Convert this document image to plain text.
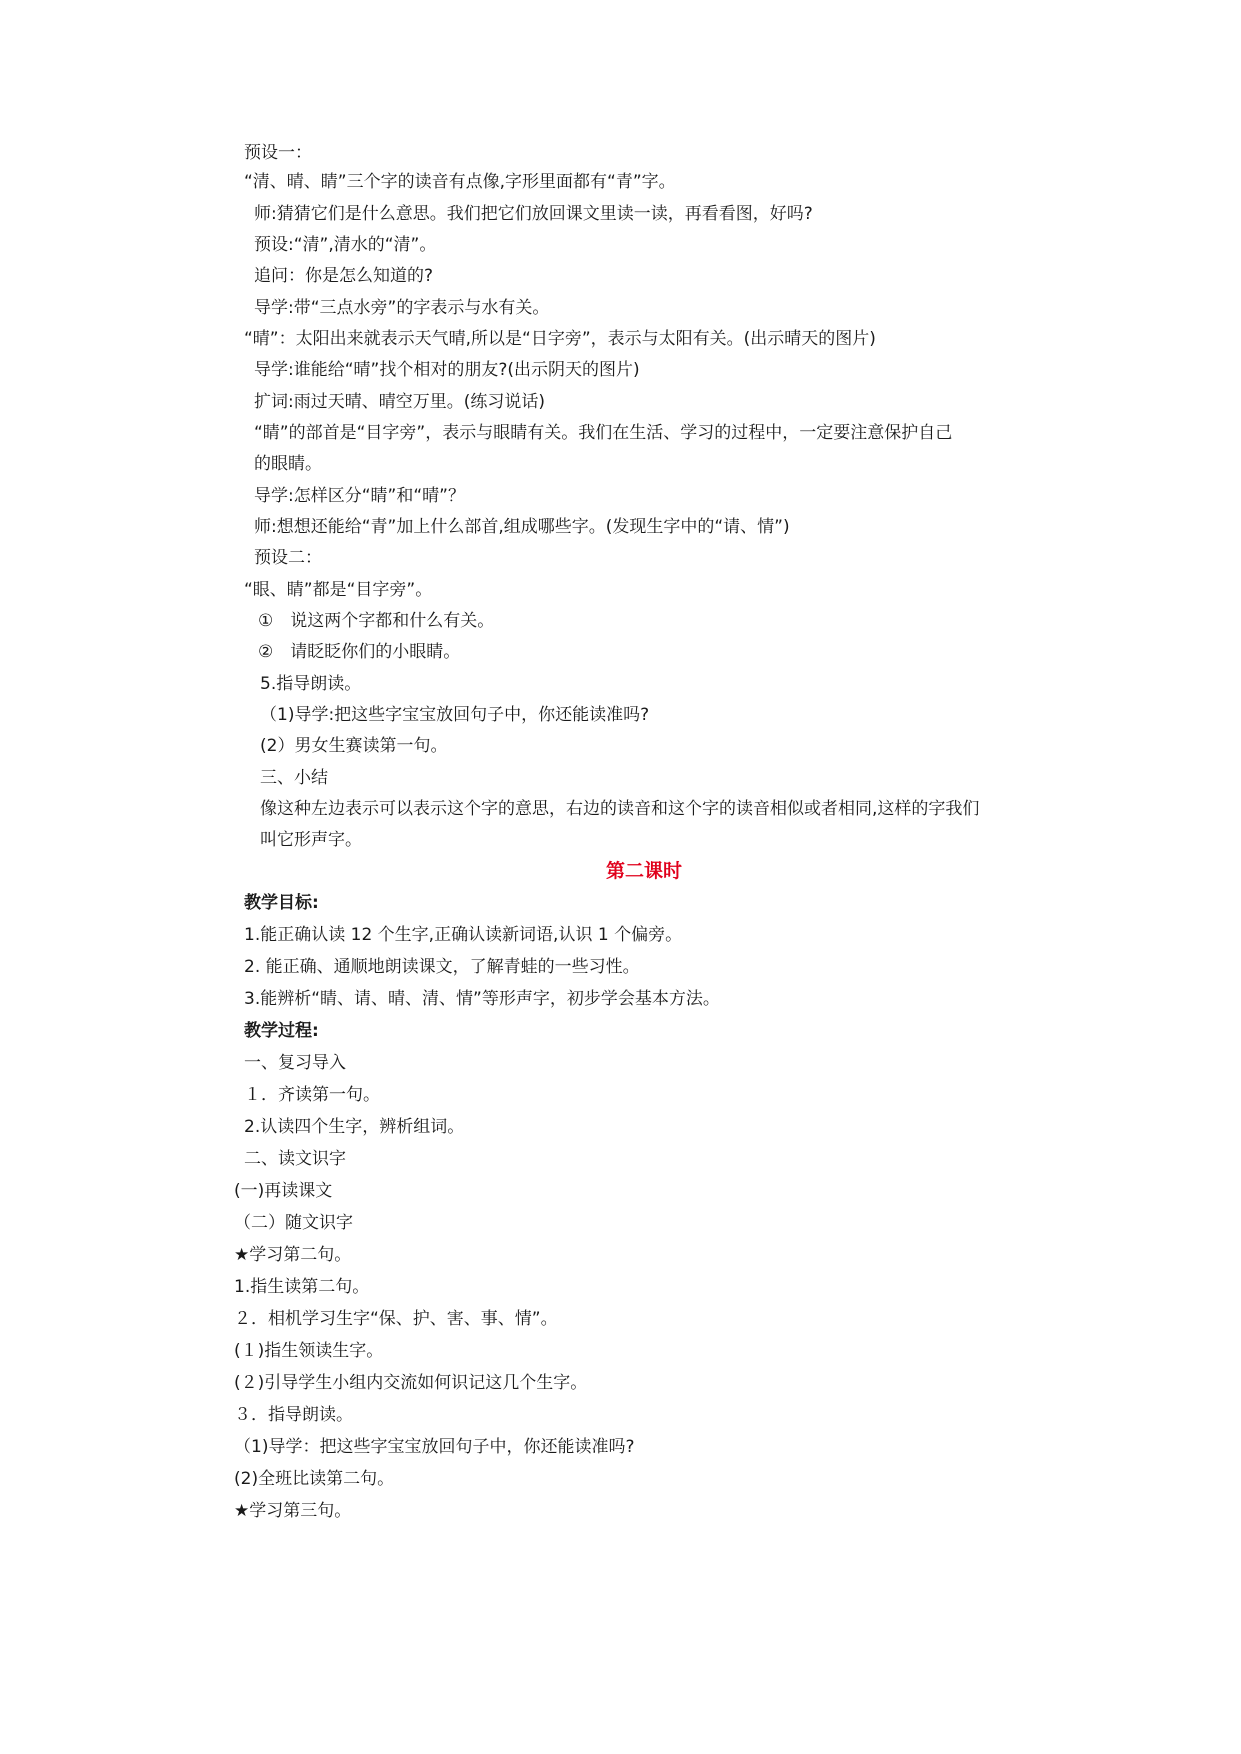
预设一：
“清、晴、睛”三个字的读音有点像,字形里面都有“青”字。
师:猜猜它们是什么意思。我们把它们放回课文里读一读，再看看图，好吗?
预设:“清”,清水的“清”。
追问：你是怎么知道的?
导学:带“三点水旁”的字表示与水有关。
“晴”：太阳出来就表示天气晴,所以是“日字旁”，表示与太阳有关。(出示晴天的图片)
导学:谁能给“晴”找个相对的朋友?(出示阴天的图片)
扩词:雨过天晴、晴空万里。(练习说话)
“睛”的部首是“目字旁”，表示与眼睛有关。我们在生活、学习的过程中，一定要注意保护自己
的眼睛。
导学:怎样区分“睛”和“晴”？
师:想想还能给“青”加上什么部首,组成哪些字。(发现生字中的“请、情”)
预设二：
“眼、睛”都是“目字旁”。
①　说这两个字都和什么有关。
②　请眨眨你们的小眼睛。
5.指导朗读。
（1)导学:把这些字宝宝放回句子中，你还能读准吗?
(2）男女生赛读第一句。
三、小结
像这种左边表示可以表示这个字的意思，右边的读音和这个字的读音相似或者相同,这样的字我们
叫它形声字。
第二课时
教学目标:
1.能正确认读 12 个生字,正确认读新词语,认识 1 个偏旁。
2. 能正确、通顺地朗读课文，了解青蛙的一些习性。
3.能辨析“睛、请、晴、清、情”等形声字，初步学会基本方法。
教学过程:
一、复习导入
１．齐读第一句。
2.认读四个生字，辨析组词。
二、读文识字
(一)再读课文
（二）随文识字
★学习第二句。
1.指生读第二句。
２．相机学习生字“保、护、害、事、情”。
(１)指生领读生字。
(２)引导学生小组内交流如何识记这几个生字。
３．指导朗读。
（1)导学：把这些字宝宝放回句子中，你还能读准吗?
(2)全班比读第二句。
★学习第三句。
